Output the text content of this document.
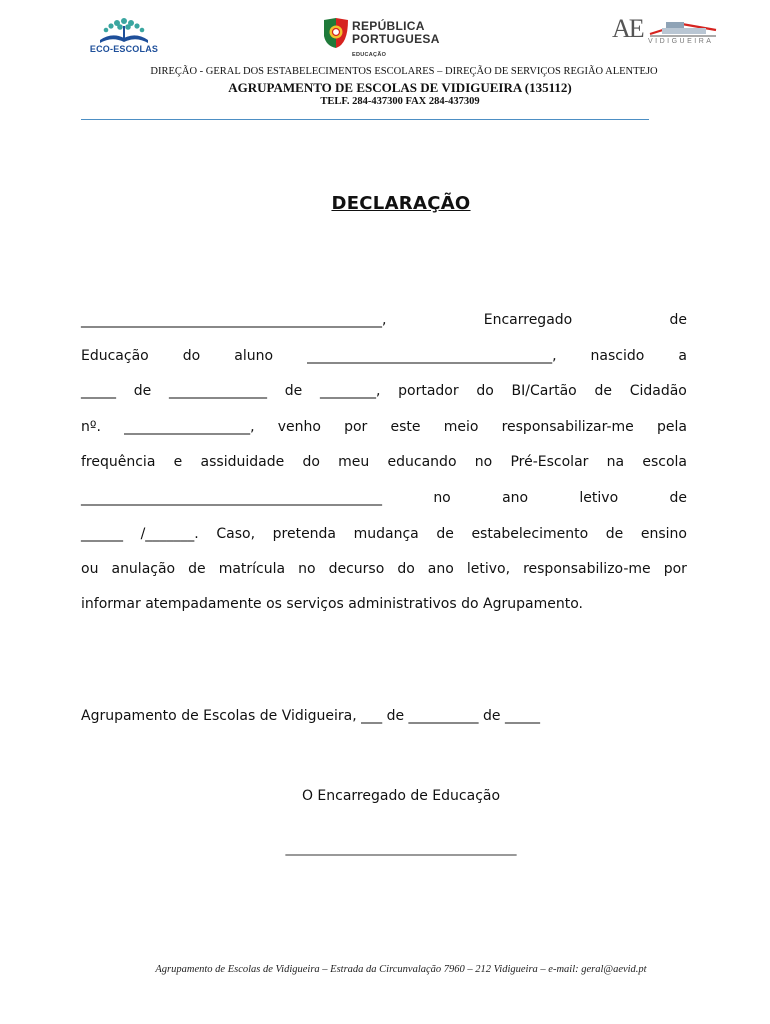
ECO-ESCOLAS
REPÚBLICA
PORTUGUESA
EDUCAÇÃO
AE VIDIGUEIRA
DIREÇÃO - GERAL DOS ESTABELECIMENTOS ESCOLARES – DIREÇÃO DE SERVIÇOS REGIÃO ALENTEJO
AGRUPAMENTO DE ESCOLAS DE VIDIGUEIRA (135112)
TELF. 284-437300 FAX 284-437309
DECLARAÇÃO
___________________________________________,	Encarregado	de
Educação do aluno ___________________________________, nascido a
_____ de ______________ de ________, portador do BI/Cartão de Cidadão
nº. __________________, venho por este meio responsabilizar-me pela
frequência e assiduidade do meu educando no Pré-Escolar na escola
___________________________________________	no	ano	letivo	de
______ /_______. Caso, pretenda mudança de estabelecimento de ensino
ou anulação de matrícula no decurso do ano letivo, responsabilizo-me por
informar atempadamente os serviços administrativos do Agrupamento.
Agrupamento de Escolas de Vidigueira, ___ de __________ de _____
O Encarregado de Educação
_________________________________
Agrupamento de Escolas de Vidigueira – Estrada da Circunvalação 7960 – 212 Vidigueira – e-mail: geral@aevid.pt
